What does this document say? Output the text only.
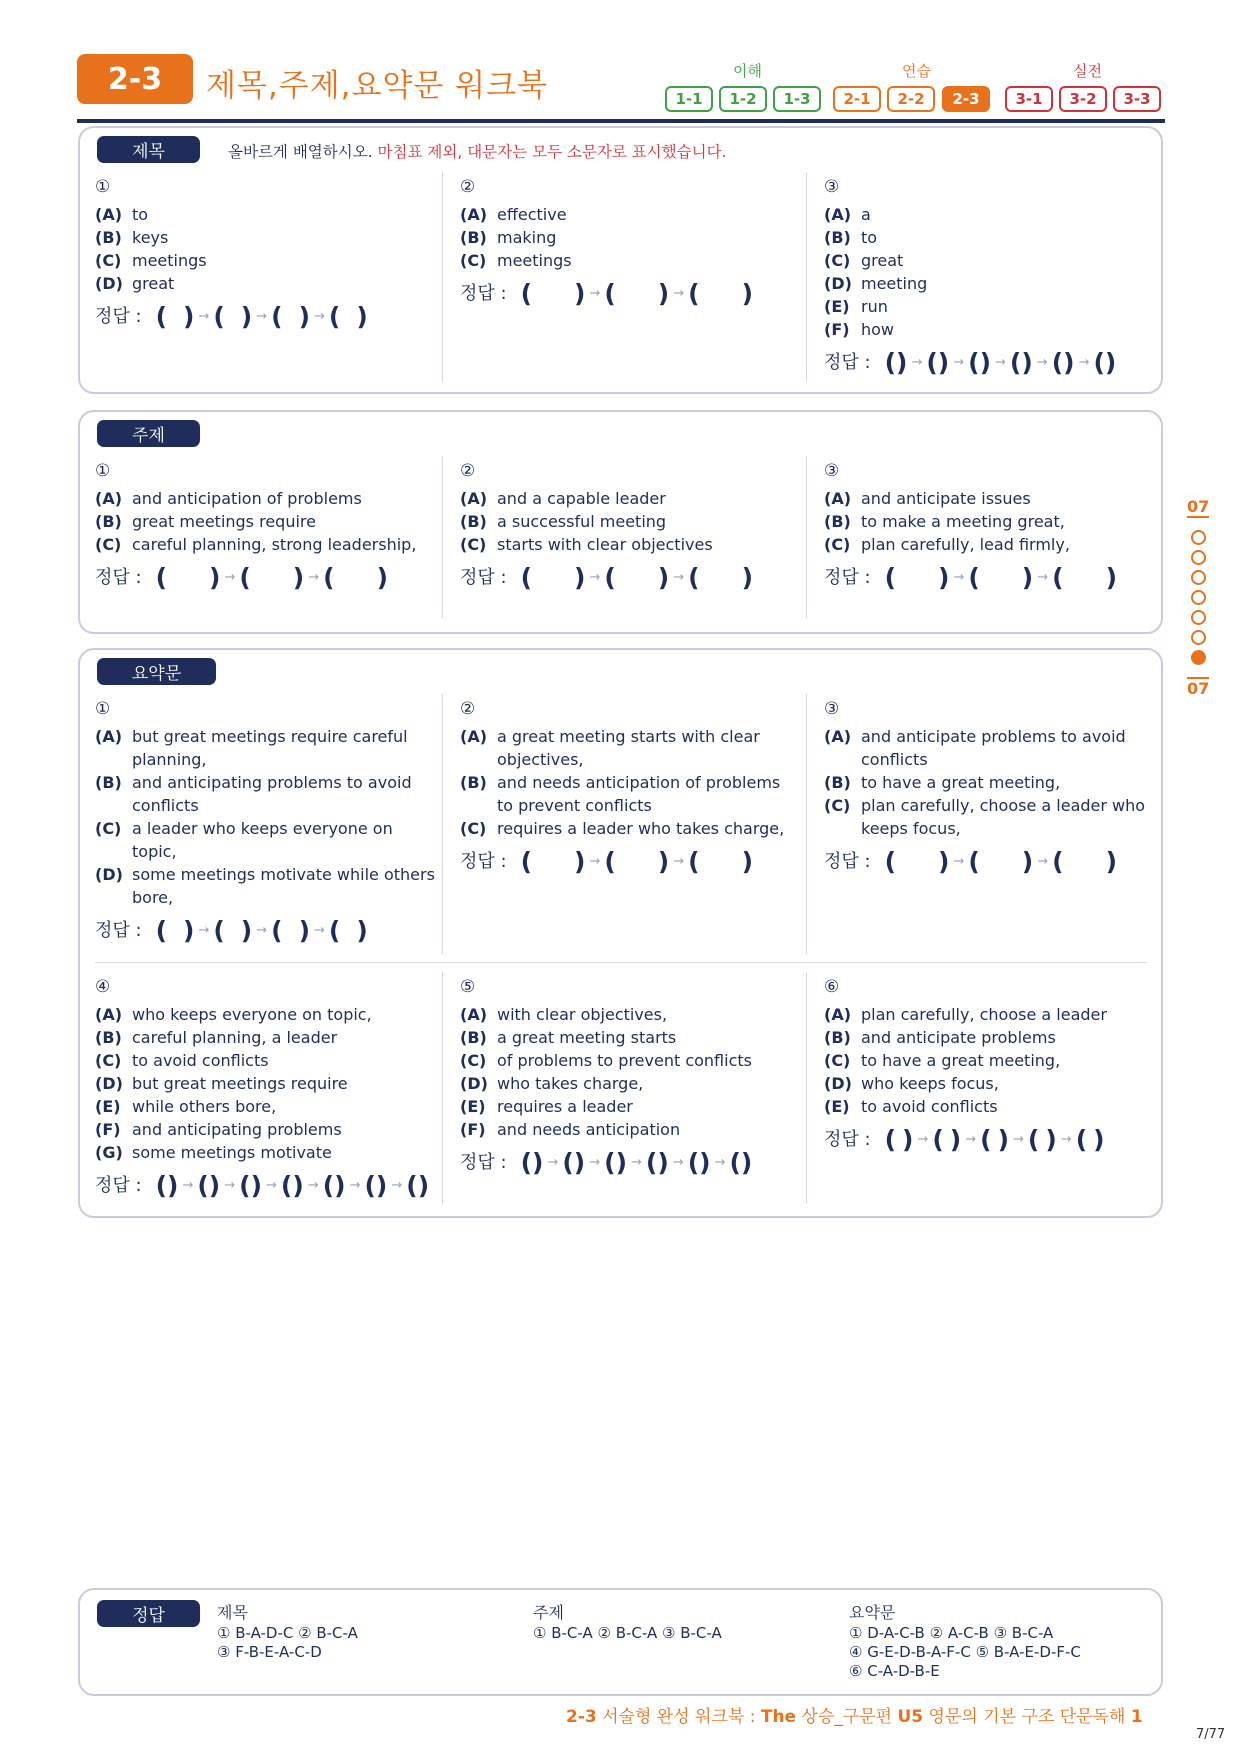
2-3	제목,주제,요약문 워크북	이해	연습	실전
1-1	1-2	1-3	2-1	2-2	2-3	3-1	3-2	3-3
제목	올바르게 배열하시오. 마침표 제외, 대문자는 모두 소문자로 표시했습니다.
①
(A) to
(B) keys
(C) meetings
(D) great
정답 : ( ) → ( ) → ( ) → ( )
②
(A) effective
(B) making
(C) meetings
정답 : ( ) → ( ) → ( )
③
(A) a
(B) to
(C) great
(D) meeting
(E) run
(F) how
정답 : () → () → () → () → () → ()
주제
①
(A) and anticipation of problems
(B) great meetings require
(C) careful planning, strong leadership,
정답 : ( ) → ( ) → ( )
②
(A) and a capable leader
(B) a successful meeting
(C) starts with clear objectives
정답 : ( ) → ( ) → ( )
③
(A) and anticipate issues
(B) to make a meeting great,
(C) plan carefully, lead firmly,
정답 : ( ) → ( ) → ( )
요약문
①
(A) but great meetings require careful planning,
(B) and anticipating problems to avoid conflicts
(C) a leader who keeps everyone on topic,
(D) some meetings motivate while others bore,
정답 : ( ) → ( ) → ( ) → ( )
②
(A) a great meeting starts with clear objectives,
(B) and needs anticipation of problems to prevent conflicts
(C) requires a leader who takes charge,
정답 : ( ) → ( ) → ( )
③
(A) and anticipate problems to avoid conflicts
(B) to have a great meeting,
(C) plan carefully, choose a leader who keeps focus,
정답 : ( ) → ( ) → ( )
④
(A) who keeps everyone on topic,
(B) careful planning, a leader
(C) to avoid conflicts
(D) but great meetings require
(E) while others bore,
(F) and anticipating problems
(G) some meetings motivate
정답 : () → () → () → () → () → () → ()
⑤
(A) with clear objectives,
(B) a great meeting starts
(C) of problems to prevent conflicts
(D) who takes charge,
(E) requires a leader
(F) and needs anticipation
정답 : () → () → () → () → () → ()
⑥
(A) plan carefully, choose a leader
(B) and anticipate problems
(C) to have a great meeting,
(D) who keeps focus,
(E) to avoid conflicts
정답 : ( ) → ( ) → ( ) → ( ) → ( )
07
07
정답	제목
① B-A-D-C ② B-C-A
③ F-B-E-A-C-D
주제
① B-C-A ② B-C-A ③ B-C-A
요약문
① D-A-C-B ② A-C-B ③ B-C-A
④ G-E-D-B-A-F-C ⑤ B-A-E-D-F-C
⑥ C-A-D-B-E
2-3 서술형 완성 워크북 : The 상승_구문편 U5 영문의 기본 구조 단문독해 1
7/77
